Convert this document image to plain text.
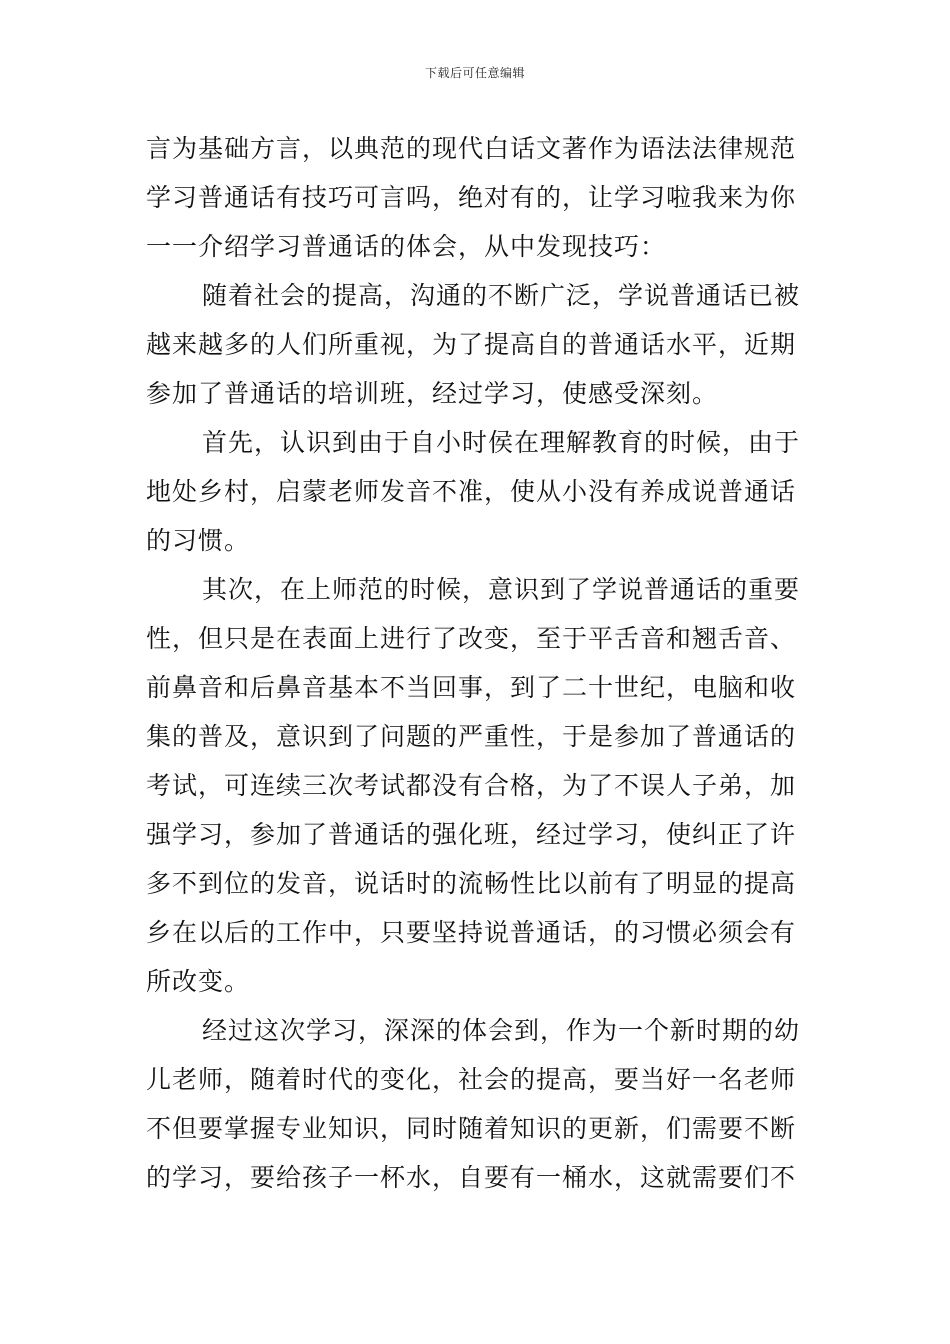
下载后可任意编辑
言为基础方言，以典范的现代白话文著作为语法法律规范
学习普通话有技巧可言吗，绝对有的，让学习啦我来为你
一一介绍学习普通话的体会，从中发现技巧：
随着社会的提高，沟通的不断广泛，学说普通话已被
越来越多的人们所重视，为了提高自的普通话水平，近期
参加了普通话的培训班，经过学习，使感受深刻。
首先，认识到由于自小时侯在理解教育的时候，由于
地处乡村，启蒙老师发音不准，使从小没有养成说普通话
的习惯。
其次，在上师范的时候，意识到了学说普通话的重要
性，但只是在表面上进行了改变，至于平舌音和翘舌音、
前鼻音和后鼻音基本不当回事，到了二十世纪，电脑和收
集的普及，意识到了问题的严重性，于是参加了普通话的
考试，可连续三次考试都没有合格，为了不误人子弟，加
强学习，参加了普通话的强化班，经过学习，使纠正了许
多不到位的发音，说话时的流畅性比以前有了明显的提高
乡在以后的工作中，只要坚持说普通话，的习惯必须会有
所改变。
经过这次学习，深深的体会到，作为一个新时期的幼
儿老师，随着时代的变化，社会的提高，要当好一名老师
不但要掌握专业知识，同时随着知识的更新，们需要不断
的学习，要给孩子一杯水，自要有一桶水，这就需要们不
